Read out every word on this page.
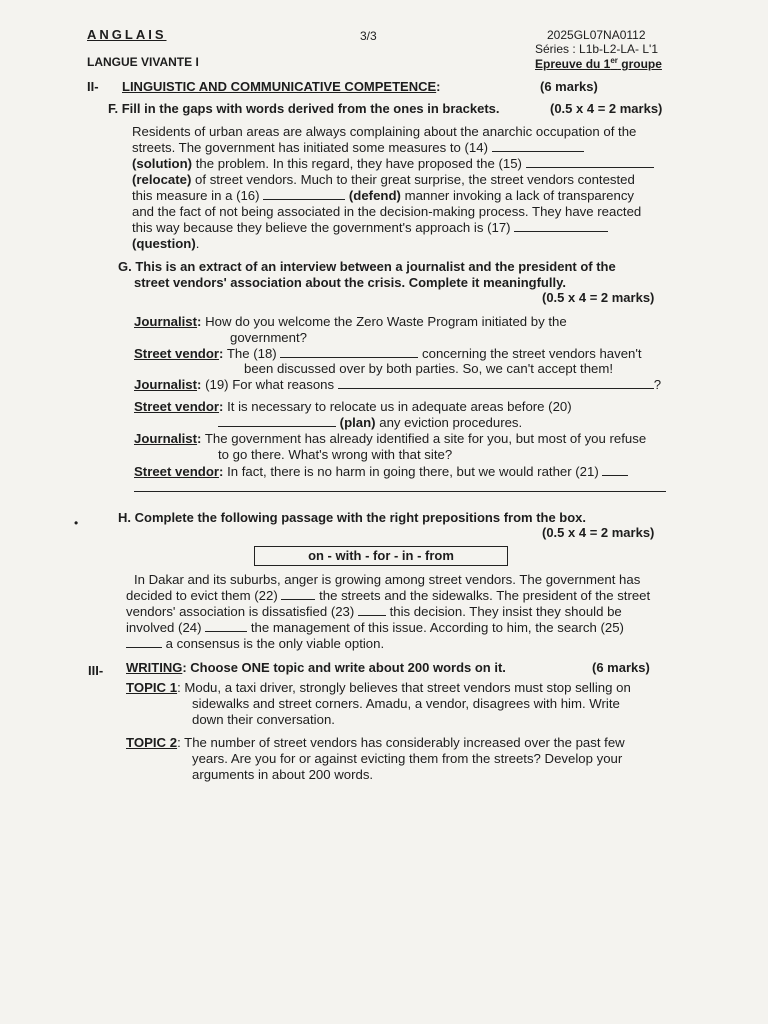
ANGLAIS	3/3	2025GL07NA0112
LANGUE VIVANTE I
Séries : L1b-L2-LA- L'1
Epreuve du 1er groupe
II- LINGUISTIC AND COMMUNICATIVE COMPETENCE:	(6 marks)
F. Fill in the gaps with words derived from the ones in brackets.	(0.5 x 4 = 2 marks)
Residents of urban areas are always complaining about the anarchic occupation of the
streets. The government has initiated some measures to (14)
(solution) the problem. In this regard, they have proposed the (15)
(relocate) of street vendors. Much to their great surprise, the street vendors contested
this measure in a (16)	(defend) manner invoking a lack of transparency
and the fact of not being associated in the decision-making process. They have reacted
this way because they believe the government's approach is (17)
(question).
G. This is an extract of an interview between a journalist and the president of the
street vendors' association about the crisis. Complete it meaningfully.
(0.5 x 4 = 2 marks)
Journalist: How do you welcome the Zero Waste Program initiated by the
government?
Street vendor: The (18)	concerning the street vendors haven't
been discussed over by both parties. So, we can't accept them!
Journalist: (19) For what reasons	?
Street vendor: It is necessary to relocate us in adequate areas before (20)
(plan) any eviction procedures.
Journalist: The government has already identified a site for you, but most of you refuse
to go there. What's wrong with that site?
Street vendor: In fact, there is no harm in going there, but we would rather (21)
•	H. Complete the following passage with the right prepositions from the box.
(0.5 x 4 = 2 marks)
on - with - for - in - from
In Dakar and its suburbs, anger is growing among street vendors. The government has
decided to evict them (22)	the streets and the sidewalks. The president of the street
vendors' association is dissatisfied (23)	this decision. They insist they should be
involved (24)	the management of this issue. According to him, the search (25)
a consensus is the only viable option.
III- WRITING: Choose ONE topic and write about 200 words on it.	(6 marks)
TOPIC 1: Modu, a taxi driver, strongly believes that street vendors must stop selling on
sidewalks and street corners. Amadu, a vendor, disagrees with him. Write
down their conversation.
TOPIC 2: The number of street vendors has considerably increased over the past few
years. Are you for or against evicting them from the streets? Develop your
arguments in about 200 words.
